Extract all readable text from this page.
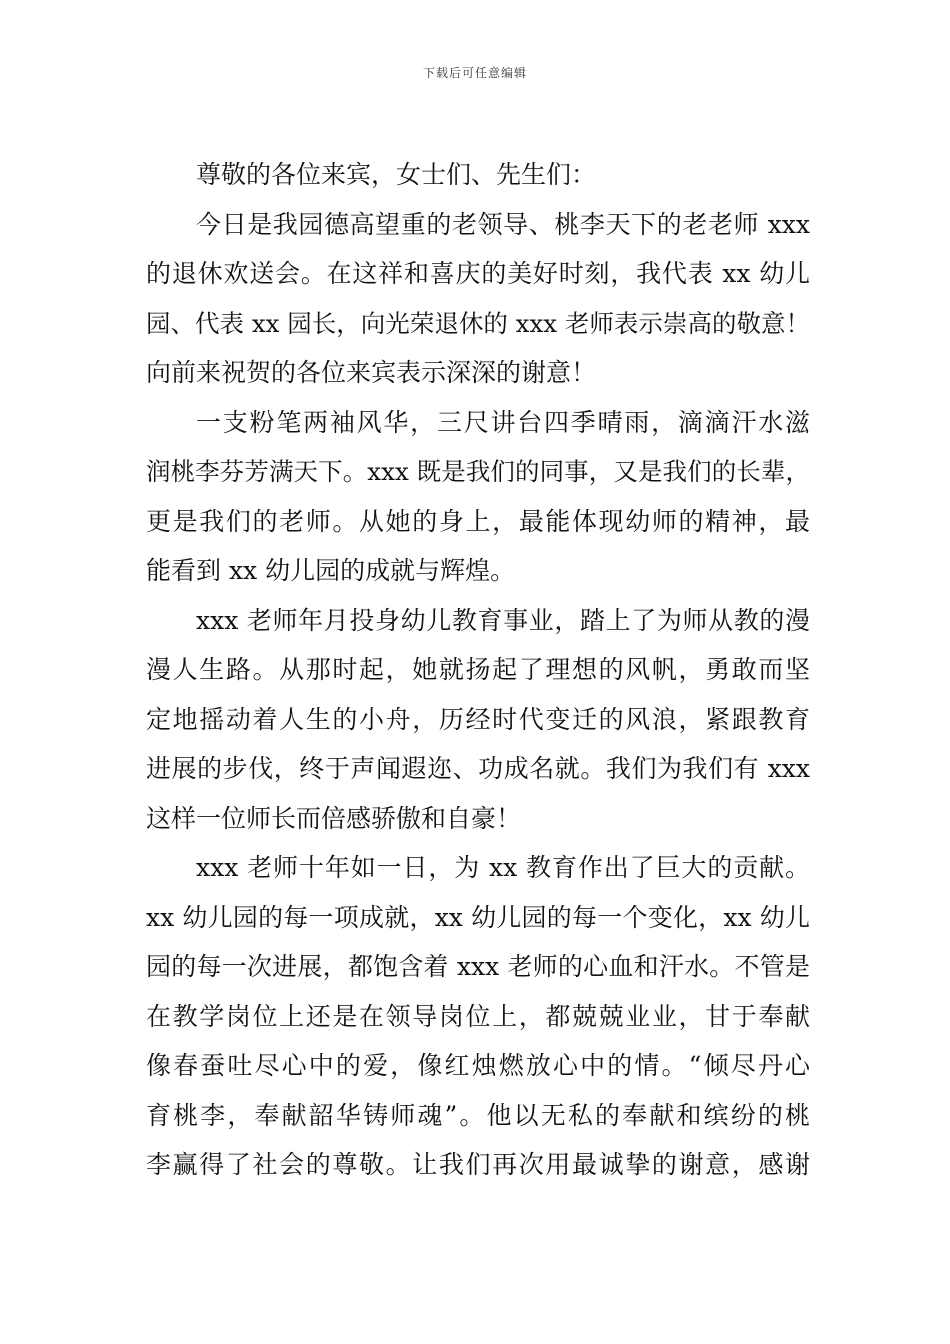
下载后可任意编辑
尊敬的各位来宾，女士们、先生们：
今日是我园德高望重的老领导、桃李天下的老老师 xxx
的退休欢送会。在这祥和喜庆的美好时刻，我代表 xx 幼儿
园、代表 xx 园长，向光荣退休的 xxx 老师表示崇高的敬意！
向前来祝贺的各位来宾表示深深的谢意！
一支粉笔两袖风华，三尺讲台四季晴雨，滴滴汗水滋
润桃李芬芳满天下。xxx 既是我们的同事，又是我们的长辈，
更是我们的老师。从她的身上，最能体现幼师的精神，最
能看到 xx 幼儿园的成就与辉煌。
xxx 老师年月投身幼儿教育事业，踏上了为师从教的漫
漫人生路。从那时起，她就扬起了理想的风帆，勇敢而坚
定地摇动着人生的小舟，历经时代变迁的风浪，紧跟教育
进展的步伐，终于声闻遐迩、功成名就。我们为我们有 xxx
这样一位师长而倍感骄傲和自豪！
xxx 老师十年如一日，为 xx 教育作出了巨大的贡献。
xx 幼儿园的每一项成就，xx 幼儿园的每一个变化，xx 幼儿
园的每一次进展，都饱含着 xxx 老师的心血和汗水。不管是
在教学岗位上还是在领导岗位上，都兢兢业业，甘于奉献
像春蚕吐尽心中的爱，像红烛燃放心中的情。“倾尽丹心
育桃李，奉献韶华铸师魂”。他以无私的奉献和缤纷的桃
李赢得了社会的尊敬。让我们再次用最诚挚的谢意，感谢
